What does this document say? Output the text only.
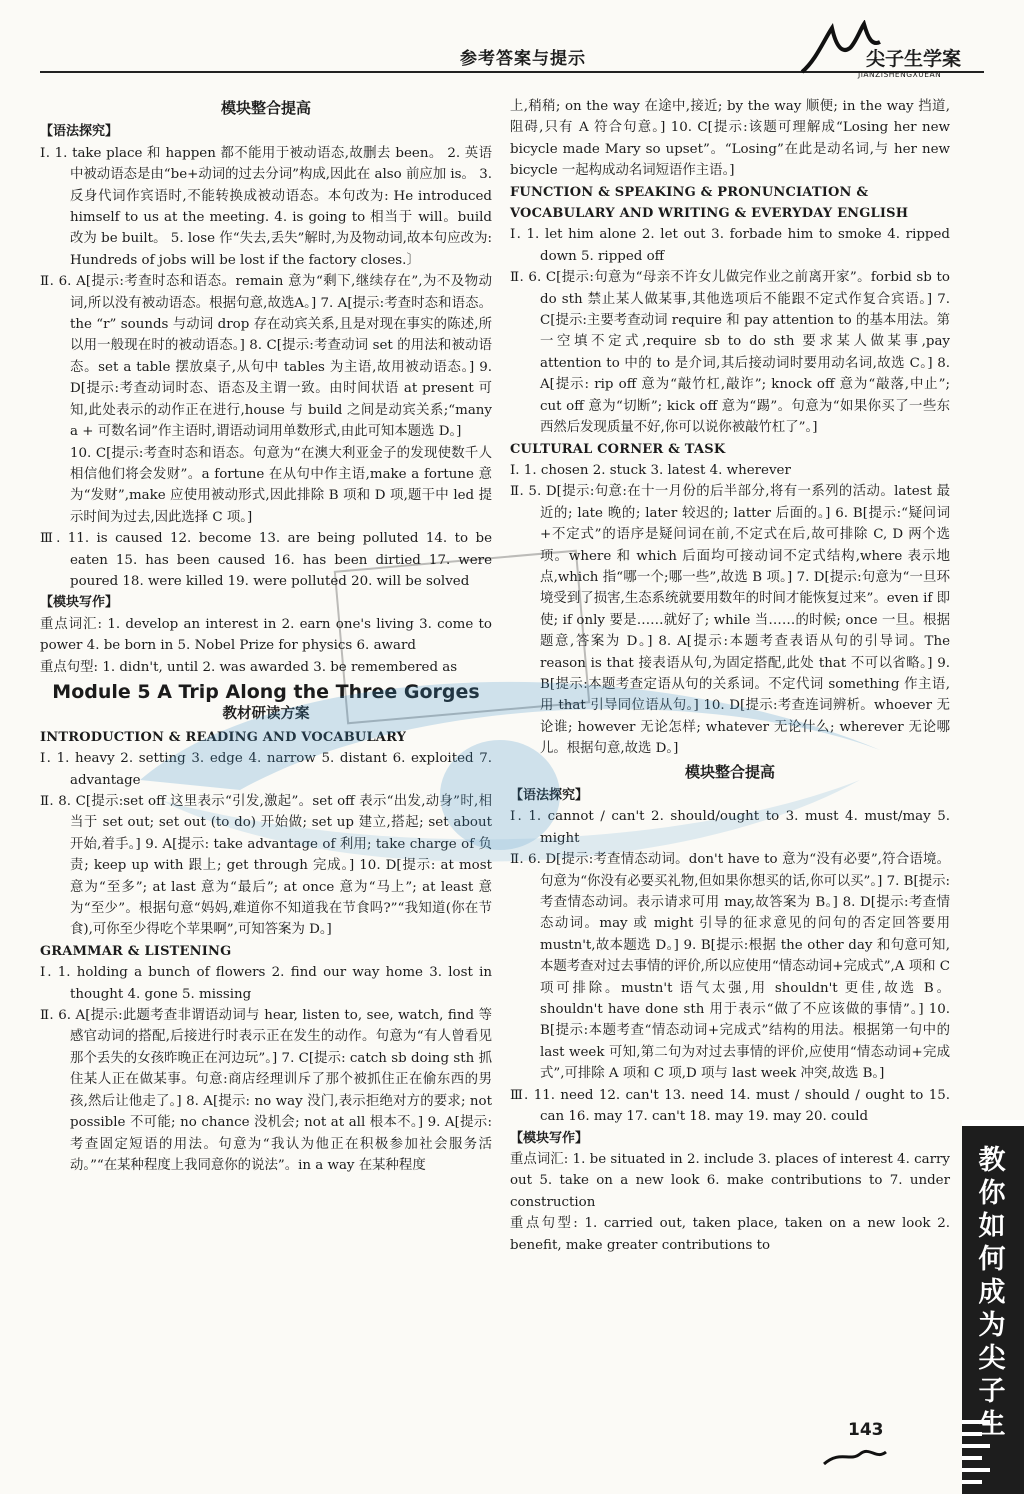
参考答案与提示	尖子生学案
JIANZISHENGXUEAN
模块整合提高
【语法探究】
Ⅰ. 1. take place 和 happen 都不能用于被动语态,故删去 been。 2. 英语中被动语态是由“be+动词的过去分词”构成,因此在 also 前应加 is。 3. 反身代词作宾语时,不能转换成被动语态。本句改为: He introduced himself to us at the meeting. 4. is going to 相当于 will。build 改为 be built。 5. lose 作“失去,丢失”解时,为及物动词,故本句应改为: Hundreds of jobs will be lost if the factory closes.〕
Ⅱ. 6. A[提示:考查时态和语态。remain 意为“剩下,继续存在”,为不及物动词,所以没有被动语态。根据句意,故选A。] 7. A[提示:考查时态和语态。the “r” sounds 与动词 drop 存在动宾关系,且是对现在事实的陈述,所以用一般现在时的被动语态。] 8. C[提示:考查动词 set 的用法和被动语态。set a table 摆放桌子,从句中 tables 为主语,故用被动语态。] 9. D[提示:考查动词时态、语态及主谓一致。由时间状语 at present 可知,此处表示的动作正在进行,house 与 build 之间是动宾关系;“many a + 可数名词”作主语时,谓语动词用单数形式,由此可知本题选 D。]
10. C[提示:考查时态和语态。句意为“在澳大利亚金子的发现使数千人相信他们将会发财”。a fortune 在从句中作主语,make a fortune 意为“发财”,make 应使用被动形式,因此排除 B 项和 D 项,题干中 led 提示时间为过去,因此选择 C 项。]
Ⅲ. 11. is caused 12. become 13. are being polluted 14. to be eaten 15. has been caused 16. has been dirtied 17. were poured 18. were killed 19. were polluted 20. will be solved
【模块写作】
重点词汇: 1. develop an interest in 2. earn one's living 3. come to power 4. be born in 5. Nobel Prize for physics 6. award
重点句型: 1. didn't, until 2. was awarded 3. be remembered as
Module 5 A Trip Along the Three Gorges
教材研读方案
INTRODUCTION & READING AND VOCABULARY
Ⅰ. 1. heavy 2. setting 3. edge 4. narrow 5. distant 6. exploited 7. advantage
Ⅱ. 8. C[提示:set off 这里表示“引发,激起”。set off 表示“出发,动身”时,相当于 set out; set out (to do) 开始做; set up 建立,搭起; set about 开始,着手。] 9. A[提示: take advantage of 利用; take charge of 负责; keep up with 跟上; get through 完成。] 10. D[提示: at most 意为“至多”; at last 意为“最后”; at once 意为“马上”; at least 意为“至少”。根据句意“妈妈,难道你不知道我在节食吗?”“我知道(你在节食),可你至少得吃个苹果啊”,可知答案为 D。]
GRAMMAR & LISTENING
Ⅰ. 1. holding a bunch of flowers 2. find our way home 3. lost in thought 4. gone 5. missing
Ⅱ. 6. A[提示:此题考查非谓语动词与 hear, listen to, see, watch, find 等感官动词的搭配,后接进行时表示正在发生的动作。句意为“有人曾看见那个丢失的女孩昨晚正在河边玩”。] 7. C[提示: catch sb doing sth 抓住某人正在做某事。句意:商店经理训斥了那个被抓住正在偷东西的男孩,然后让他走了。] 8. A[提示: no way 没门,表示拒绝对方的要求; not possible 不可能; no chance 没机会; not at all 根本不。] 9. A[提示:考查固定短语的用法。句意为“我认为他正在积极参加社会服务活动。”“在某种程度上我同意你的说法”。in a way 在某种程度
上,稍稍; on the way 在途中,接近; by the way 顺便; in the way 挡道,阻碍,只有 A 符合句意。] 10. C[提示:该题可理解成“Losing her new bicycle made Mary so upset”。“Losing”在此是动名词,与 her new bicycle 一起构成动名词短语作主语。]
FUNCTION & SPEAKING & PRONUNCIATION & VOCABULARY AND WRITING & EVERYDAY ENGLISH
Ⅰ. 1. let him alone 2. let out 3. forbade him to smoke 4. ripped down 5. ripped off
Ⅱ. 6. C[提示:句意为“母亲不许女儿做完作业之前离开家”。forbid sb to do sth 禁止某人做某事,其他选项后不能跟不定式作复合宾语。] 7. C[提示:主要考查动词 require 和 pay attention to 的基本用法。第一空填不定式,require sb to do sth 要求某人做某事,pay attention to 中的 to 是介词,其后接动词时要用动名词,故选 C。] 8. A[提示: rip off 意为“敲竹杠,敲诈”; knock off 意为“敲落,中止”; cut off 意为“切断”; kick off 意为“踢”。句意为“如果你买了一些东西然后发现质量不好,你可以说你被敲竹杠了”。]
CULTURAL CORNER & TASK
Ⅰ. 1. chosen 2. stuck 3. latest 4. wherever
Ⅱ. 5. D[提示:句意:在十一月份的后半部分,将有一系列的活动。latest 最近的; late 晚的; later 较迟的; latter 后面的。] 6. B[提示:“疑问词+不定式”的语序是疑问词在前,不定式在后,故可排除 C, D 两个选项。where 和 which 后面均可接动词不定式结构,where 表示地点,which 指“哪一个;哪一些”,故选 B 项。] 7. D[提示:句意为“一旦环境受到了损害,生态系统就要用数年的时间才能恢复过来”。even if 即使; if only 要是……就好了; while 当……的时候; once 一旦。根据题意,答案为 D。] 8. A[提示:本题考查表语从句的引导词。The reason is that 接表语从句,为固定搭配,此处 that 不可以省略。] 9. B[提示:本题考查定语从句的关系词。不定代词 something 作主语,用 that 引导同位语从句。] 10. D[提示:考查连词辨析。whoever 无论谁; however 无论怎样; whatever 无论什么; wherever 无论哪儿。根据句意,故选 D。]
模块整合提高
【语法探究】
Ⅰ. 1. cannot / can't 2. should/ought to 3. must 4. must/may 5. might
Ⅱ. 6. D[提示:考查情态动词。don't have to 意为“没有必要”,符合语境。句意为“你没有必要买礼物,但如果你想买的话,你可以买”。] 7. B[提示:考查情态动词。表示请求可用 may,故答案为 B。] 8. D[提示:考查情态动词。may 或 might 引导的征求意见的问句的否定回答要用 mustn't,故本题选 D。] 9. B[提示:根据 the other day 和句意可知,本题考查对过去事情的评价,所以应使用“情态动词+完成式”,A 项和 C 项可排除。mustn't 语气太强,用 shouldn't 更佳,故选 B。shouldn't have done sth 用于表示“做了不应该做的事情”。] 10. B[提示:本题考查“情态动词+完成式”结构的用法。根据第一句中的 last week 可知,第二句为对过去事情的评价,应使用“情态动词+完成式”,可排除 A 项和 C 项,D 项与 last week 冲突,故选 B。]
Ⅲ. 11. need 12. can't 13. need 14. must / should / ought to 15. can 16. may 17. can't 18. may 19. may 20. could
【模块写作】
重点词汇: 1. be situated in 2. include 3. places of interest 4. carry out 5. take on a new look 6. make contributions to 7. under construction
重点句型: 1. carried out, taken place, taken on a new look 2. benefit, make greater contributions to
教你如何成为尖子生
143
